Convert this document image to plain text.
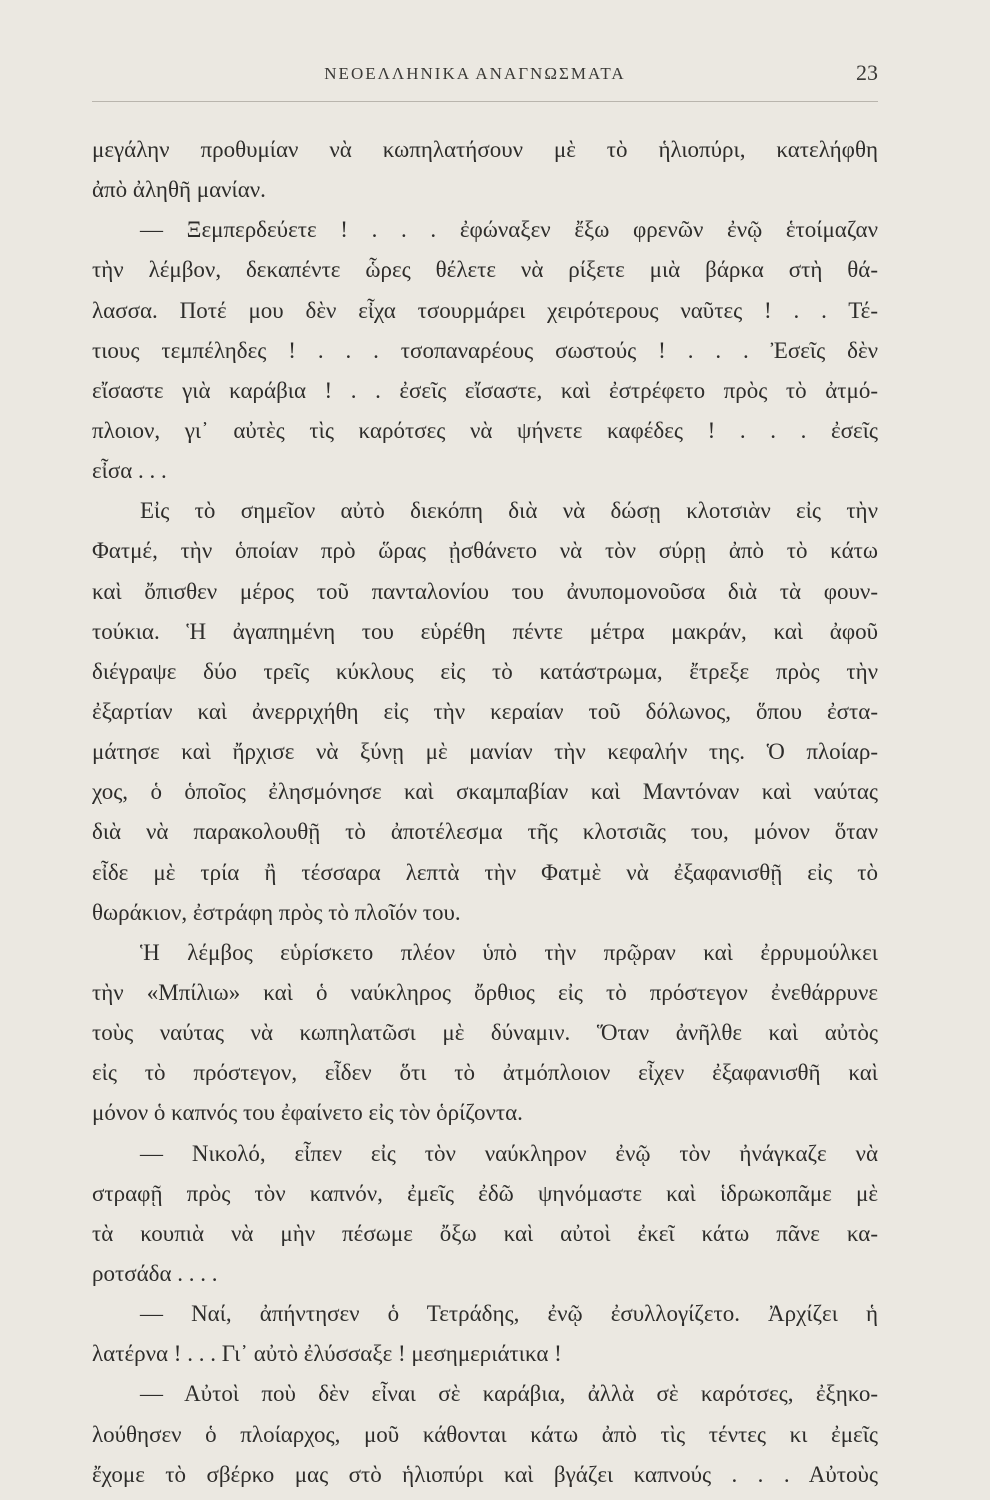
ΝΕΟΕΛΛΗΝΙΚΑ ΑΝΑΓΝΩΣΜΑΤΑ	23
μεγάλην προθυμίαν νὰ κωπηλατήσουν μὲ τὸ ἡλιοπύρι, κατελήφθη
ἀπὸ ἀληθῆ μανίαν.
— Ξεμπερδεύετε ! . . . ἐφώναξεν ἔξω φρενῶν ἐνῷ ἑτοίμαζαν
τὴν λέμβον, δεκαπέντε ὧρες θέλετε νὰ ρίξετε μιὰ βάρκα στὴ θά-
λασσα. Ποτέ μου δὲν εἶχα τσουρμάρει χειρότερους ναῦτες ! . . Τέ-
τιους τεμπέληδες ! . . . τσοπαναρέους σωστούς ! . . . Ἐσεῖς δὲν
εἴσαστε γιὰ καράβια ! . . ἐσεῖς εἴσαστε, καὶ ἐστρέφετο πρὸς τὸ ἀτμό-
πλοιον, γι᾽ αὐτὲς τὶς καρότσες νὰ ψήνετε καφέδες ! . . . ἐσεῖς
εἶσα . . .
Εἰς τὸ σημεῖον αὐτὸ διεκόπη διὰ νὰ δώσῃ κλοτσιὰν εἰς τὴν
Φατμέ, τὴν ὁποίαν πρὸ ὥρας ᾐσθάνετο νὰ τὸν σύρῃ ἀπὸ τὸ κάτω
καὶ ὄπισθεν μέρος τοῦ πανταλονίου του ἀνυπομονοῦσα διὰ τὰ φουν-
τούκια. Ἡ ἀγαπημένη του εὑρέθη πέντε μέτρα μακράν, καὶ ἀφοῦ
διέγραψε δύο τρεῖς κύκλους εἰς τὸ κατάστρωμα, ἔτρεξε πρὸς τὴν
ἐξαρτίαν καὶ ἀνερριχήθη εἰς τὴν κεραίαν τοῦ δόλωνος, ὅπου ἐστα-
μάτησε καὶ ἤρχισε νὰ ξύνῃ μὲ μανίαν τὴν κεφαλήν της. Ὁ πλοίαρ-
χος, ὁ ὁποῖος ἐλησμόνησε καὶ σκαμπαβίαν καὶ Μαντόναν καὶ ναύτας
διὰ νὰ παρακολουθῇ τὸ ἀποτέλεσμα τῆς κλοτσιᾶς του, μόνον ὅταν
εἶδε μὲ τρία ἢ τέσσαρα λεπτὰ τὴν Φατμὲ νὰ ἐξαφανισθῇ εἰς τὸ
θωράκιον, ἐστράφη πρὸς τὸ πλοῖόν του.
Ἡ λέμβος εὑρίσκετο πλέον ὑπὸ τὴν πρῷραν καὶ ἐρρυμούλκει
τὴν «Μπίλιω» καὶ ὁ ναύκληρος ὄρθιος εἰς τὸ πρόστεγον ἐνεθάρρυνε
τοὺς ναύτας νὰ κωπηλατῶσι μὲ δύναμιν. Ὅταν ἀνῆλθε καὶ αὐτὸς
εἰς τὸ πρόστεγον, εἶδεν ὅτι τὸ ἀτμόπλοιον εἶχεν ἐξαφανισθῆ καὶ
μόνον ὁ καπνός του ἐφαίνετο εἰς τὸν ὁρίζοντα.
— Νικολό, εἶπεν εἰς τὸν ναύκληρον ἐνῷ τὸν ἠνάγκαζε νὰ
στραφῇ πρὸς τὸν καπνόν, ἐμεῖς ἐδῶ ψηνόμαστε καὶ ἱδρωκοπᾶμε μὲ
τὰ κουπιὰ νὰ μὴν πέσωμε ὄξω καὶ αὐτοὶ ἐκεῖ κάτω πᾶνε κα-
ροτσάδα . . . .
— Ναί, ἀπήντησεν ὁ Τετράδης, ἐνῷ ἐσυλλογίζετο. Ἀρχίζει ἡ
λατέρνα ! . . . Γι᾽ αὐτὸ ἐλύσσαξε ! μεσημεριάτικα !
— Αὐτοὶ ποὺ δὲν εἶναι σὲ καράβια, ἀλλὰ σὲ καρότσες, ἐξηκο-
λούθησεν ὁ πλοίαρχος, μοῦ κάθονται κάτω ἀπὸ τὶς τέντες κι ἐμεῖς
ἔχομε τὸ σβέρκο μας στὸ ἡλιοπύρι καὶ βγάζει καπνούς . . . Αὐτοὺς
